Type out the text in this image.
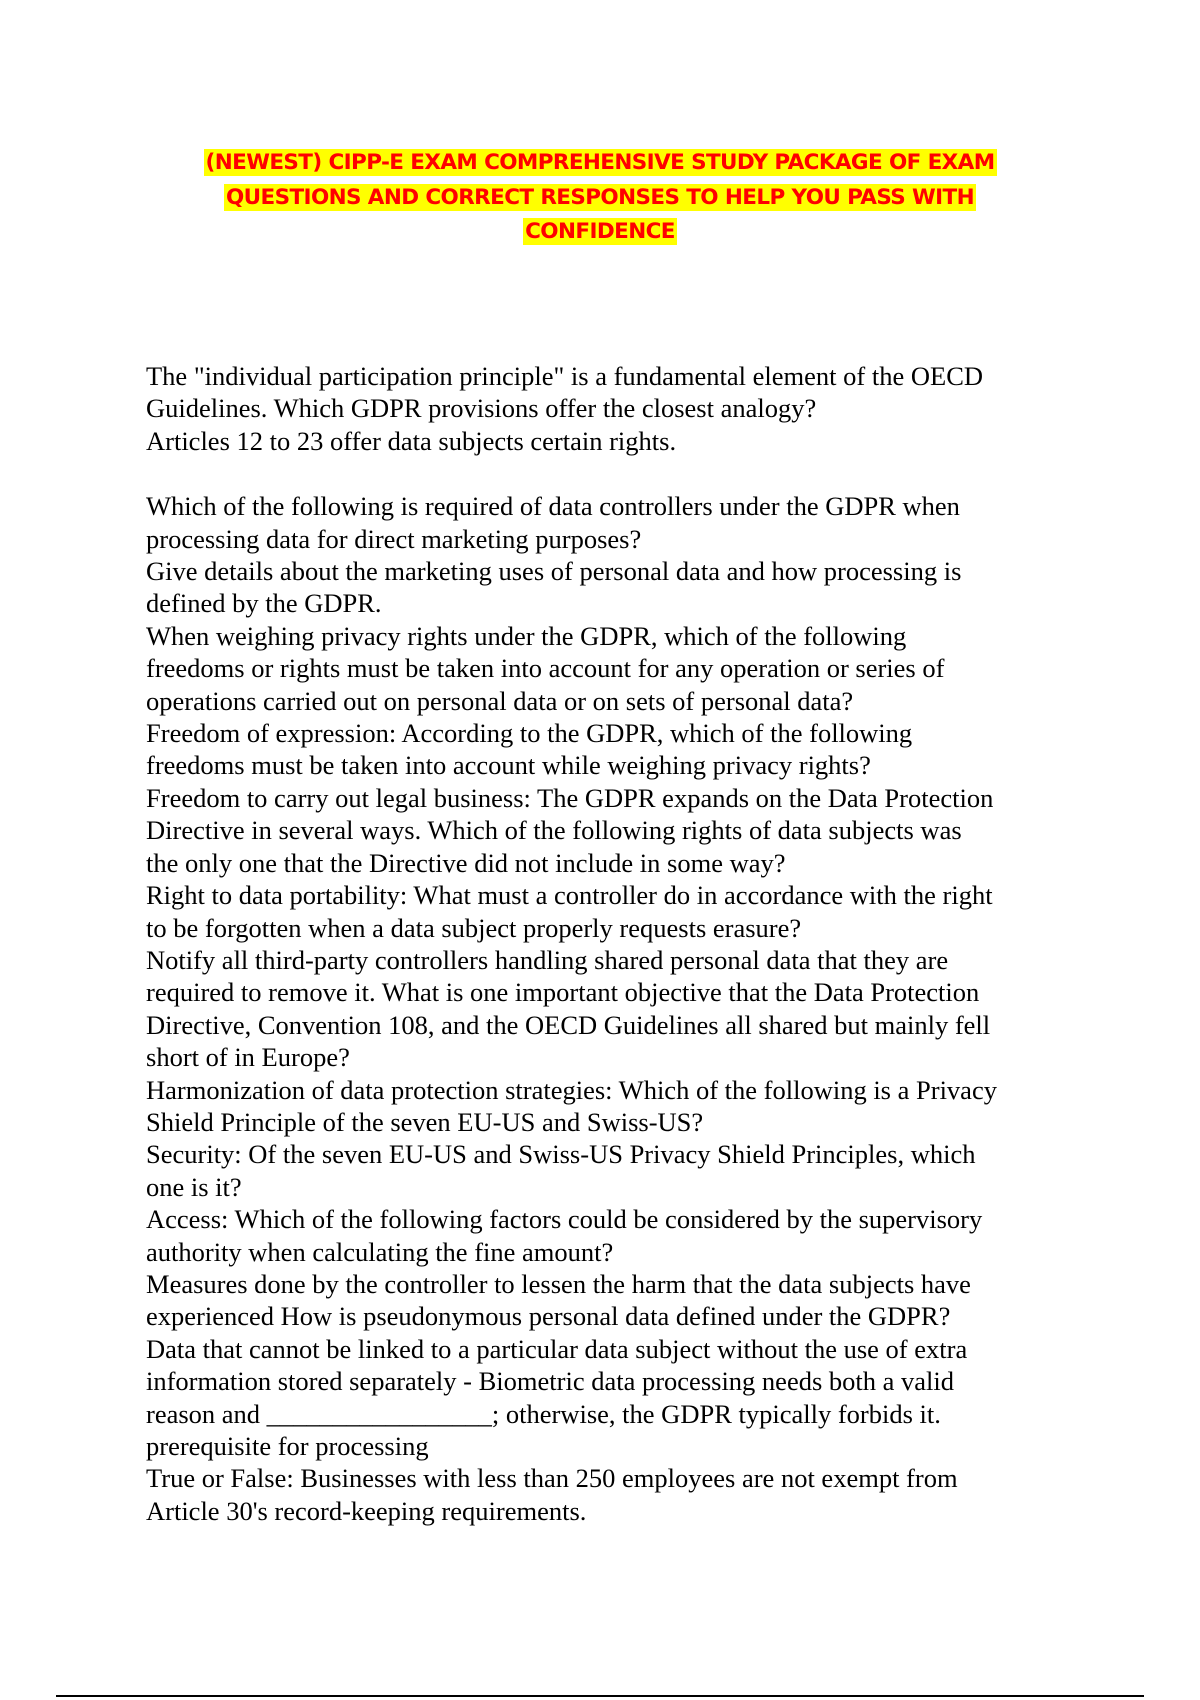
(NEWEST) CIPP-E EXAM COMPREHENSIVE STUDY PACKAGE OF EXAM
QUESTIONS AND CORRECT RESPONSES TO HELP YOU PASS WITH
CONFIDENCE
The "individual participation principle" is a fundamental element of the OECD
Guidelines. Which GDPR provisions offer the closest analogy?
Articles 12 to 23 offer data subjects certain rights.
Which of the following is required of data controllers under the GDPR when
processing data for direct marketing purposes?
Give details about the marketing uses of personal data and how processing is
defined by the GDPR.
When weighing privacy rights under the GDPR, which of the following
freedoms or rights must be taken into account for any operation or series of
operations carried out on personal data or on sets of personal data?
Freedom of expression: According to the GDPR, which of the following
freedoms must be taken into account while weighing privacy rights?
Freedom to carry out legal business: The GDPR expands on the Data Protection
Directive in several ways. Which of the following rights of data subjects was
the only one that the Directive did not include in some way?
Right to data portability: What must a controller do in accordance with the right
to be forgotten when a data subject properly requests erasure?
Notify all third-party controllers handling shared personal data that they are
required to remove it. What is one important objective that the Data Protection
Directive, Convention 108, and the OECD Guidelines all shared but mainly fell
short of in Europe?
Harmonization of data protection strategies: Which of the following is a Privacy
Shield Principle of the seven EU-US and Swiss-US?
Security: Of the seven EU-US and Swiss-US Privacy Shield Principles, which
one is it?
Access: Which of the following factors could be considered by the supervisory
authority when calculating the fine amount?
Measures done by the controller to lessen the harm that the data subjects have
experienced How is pseudonymous personal data defined under the GDPR?
Data that cannot be linked to a particular data subject without the use of extra
information stored separately - Biometric data processing needs both a valid
reason and _________________; otherwise, the GDPR typically forbids it.
prerequisite for processing
True or False: Businesses with less than 250 employees are not exempt from
Article 30's record-keeping requirements.
